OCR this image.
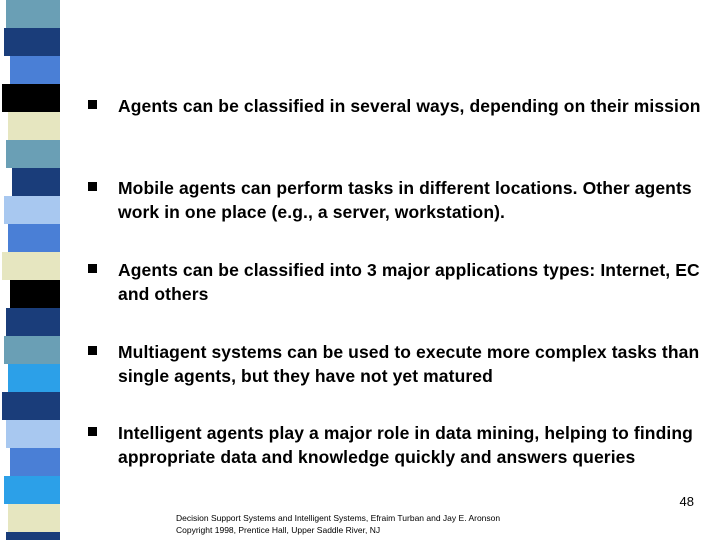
Agents can be classified in several ways, depending on their mission
Mobile agents can perform tasks in different locations. Other agents work in one place (e.g., a server, workstation).
Agents can be classified into 3 major applications types: Internet, EC and others
Multiagent systems can be used to execute more complex tasks than single agents, but they have not yet matured
Intelligent agents play a major role in data mining, helping to finding appropriate data and knowledge quickly and answers queries
48
Decision Support Systems and Intelligent Systems, Efraim Turban and Jay E. Aronson
Copyright 1998, Prentice Hall, Upper Saddle River, NJ
